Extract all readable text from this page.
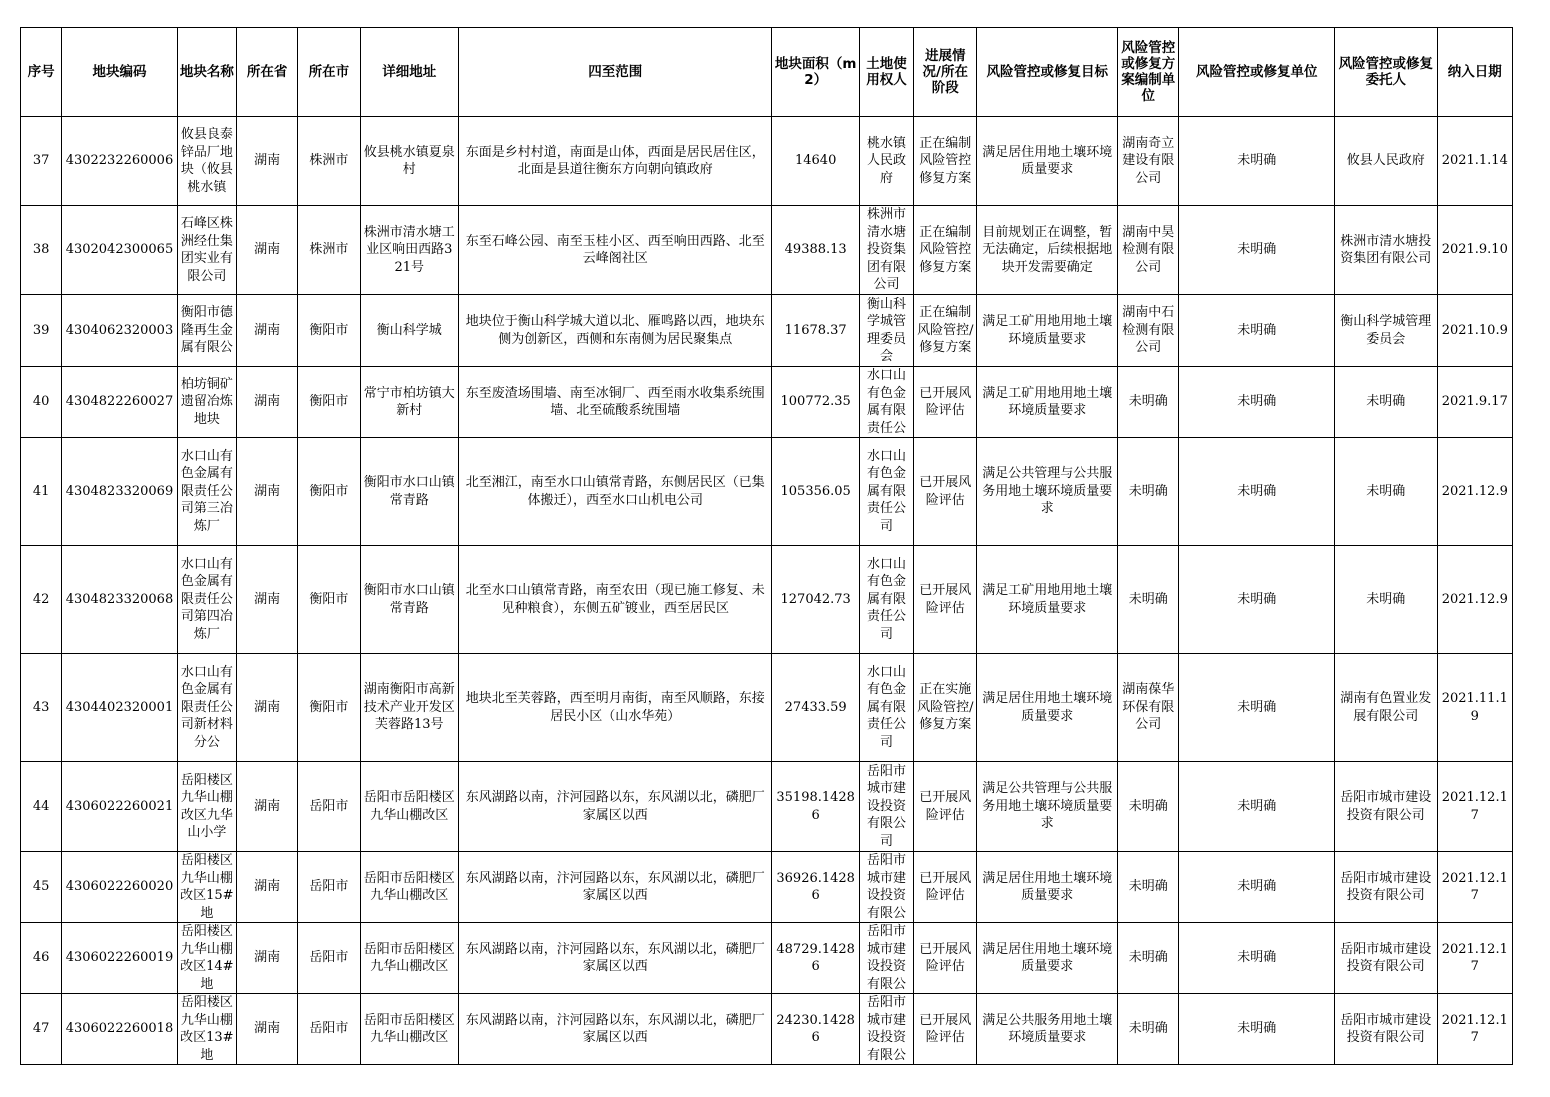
序号	地块编码	地块名称	所在省	所在市	详细地址	四至范围	地块面积（m2）	土地使用权人	进展情况/所在阶段	风险管控或修复目标	风险管控或修复方案编制单位	风险管控或修复单位	风险管控或修复委托人	纳入日期
37	4302232260006	攸县良泰锌品厂地块（攸县桃水镇	湖南	株洲市	攸县桃水镇夏泉村	东面是乡村村道，南面是山体，西面是居民居住区，北面是县道往衡东方向朝向镇政府	14640	桃水镇人民政府	正在编制风险管控修复方案	满足居住用地土壤环境质量要求	湖南奇立建设有限公司	未明确	攸县人民政府	2021.1.14
38	4302042300065	石峰区株洲经仕集团实业有限公司	湖南	株洲市	株洲市清水塘工业区响田西路321号	东至石峰公园、南至玉桂小区、西至响田西路、北至云峰阁社区	49388.13	株洲市清水塘投资集团有限公司	正在编制风险管控修复方案	目前规划正在调整，暂无法确定，后续根据地块开发需要确定	湖南中昊检测有限公司	未明确	株洲市清水塘投资集团有限公司	2021.9.10
39	4304062320003	衡阳市德隆再生金属有限公	湖南	衡阳市	衡山科学城	地块位于衡山科学城大道以北、雁鸣路以西，地块东侧为创新区，西侧和东南侧为居民聚集点	11678.37	衡山科学城管理委员会	正在编制风险管控/修复方案	满足工矿用地用地土壤环境质量要求	湖南中石检测有限公司	未明确	衡山科学城管理委员会	2021.10.9
40	4304822260027	柏坊铜矿遗留冶炼地块	湖南	衡阳市	常宁市柏坊镇大新村	东至废渣场围墙、南至冰铜厂、西至雨水收集系统围墙、北至硫酸系统围墙	100772.35	水口山有色金属有限责任公	已开展风险评估	满足工矿用地用地土壤环境质量要求	未明确	未明确	未明确	2021.9.17
41	4304823320069	水口山有色金属有限责任公司第三冶炼厂	湖南	衡阳市	衡阳市水口山镇常青路	北至湘江，南至水口山镇常青路，东侧居民区（已集体搬迁），西至水口山机电公司	105356.05	水口山有色金属有限责任公司	已开展风险评估	满足公共管理与公共服务用地土壤环境质量要求	未明确	未明确	未明确	2021.12.9
42	4304823320068	水口山有色金属有限责任公司第四冶炼厂	湖南	衡阳市	衡阳市水口山镇常青路	北至水口山镇常青路，南至农田（现已施工修复、未见种粮食），东侧五矿镀业，西至居民区	127042.73	水口山有色金属有限责任公司	已开展风险评估	满足工矿用地用地土壤环境质量要求	未明确	未明确	未明确	2021.12.9
43	4304402320001	水口山有色金属有限责任公司新材料分公	湖南	衡阳市	湖南衡阳市高新技术产业开发区芙蓉路13号	地块北至芙蓉路，西至明月南街，南至风顺路，东接居民小区（山水华苑）	27433.59	水口山有色金属有限责任公司	正在实施风险管控/修复方案	满足居住用地土壤环境质量要求	湖南葆华环保有限公司	未明确	湖南有色置业发展有限公司	2021.11.19
44	4306022260021	岳阳楼区九华山棚改区九华山小学	湖南	岳阳市	岳阳市岳阳楼区九华山棚改区	东风湖路以南，汴河园路以东，东风湖以北，磷肥厂家属区以西	35198.14286	岳阳市城市建设投资有限公司	已开展风险评估	满足公共管理与公共服务用地土壤环境质量要求	未明确	未明确	岳阳市城市建设投资有限公司	2021.12.17
45	4306022260020	岳阳楼区九华山棚改区15#地	湖南	岳阳市	岳阳市岳阳楼区九华山棚改区	东风湖路以南，汴河园路以东，东风湖以北，磷肥厂家属区以西	36926.14286	岳阳市城市建设投资有限公	已开展风险评估	满足居住用地土壤环境质量要求	未明确	未明确	岳阳市城市建设投资有限公司	2021.12.17
46	4306022260019	岳阳楼区九华山棚改区14#地	湖南	岳阳市	岳阳市岳阳楼区九华山棚改区	东风湖路以南，汴河园路以东，东风湖以北，磷肥厂家属区以西	48729.14286	岳阳市城市建设投资有限公	已开展风险评估	满足居住用地土壤环境质量要求	未明确	未明确	岳阳市城市建设投资有限公司	2021.12.17
47	4306022260018	岳阳楼区九华山棚改区13#地	湖南	岳阳市	岳阳市岳阳楼区九华山棚改区	东风湖路以南，汴河园路以东，东风湖以北，磷肥厂家属区以西	24230.14286	岳阳市城市建设投资有限公	已开展风险评估	满足公共服务用地土壤环境质量要求	未明确	未明确	岳阳市城市建设投资有限公司	2021.12.17
